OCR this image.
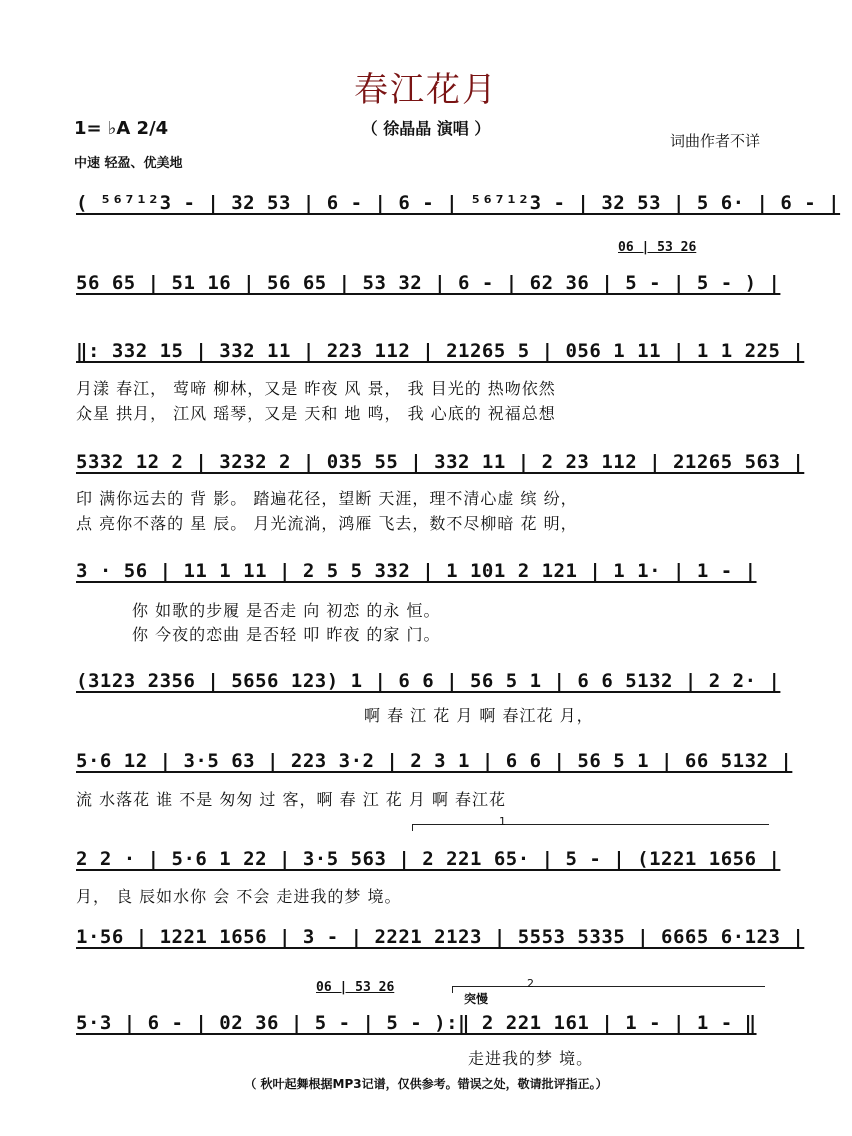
春江花月
（ 徐晶晶 演唱 ）
词曲作者不详
1= ♭A 2/4
中速 轻盈、优美地
( ⁵⁶⁷¹²3 - | 32 53 | 6 - | 6 - | ⁵⁶⁷¹²3 - | 32 53 | 5 6· | 6 - |
06 | 53 26
56 65 | 51 16 | 56 65 | 53 32 | 6 - | 62 36 | 5 - | 5 - ) |
‖: 332 15 | 332 11 | 223 112 | 21265 5 | 056 1 11 | 1 1 225 |
月漾 春江， 莺啼 柳林，又是 昨夜 风 景， 我 目光的 热吻依然
众星 拱月， 江风 瑶琴，又是 天和 地 鸣， 我 心底的 祝福总想
5332 12 2 | 3232 2 | 035 55 | 332 11 | 2 23 112 | 21265 563 |
印 满你远去的 背 影。 踏遍花径，望断 天涯，理不清心虚 缤 纷，
点 亮你不落的 星 辰。 月光流淌，鸿雁 飞去，数不尽柳暗 花 明，
3 · 56 | 11 1 11 | 2 5 5 332 | 1 101 2 121 | 1 1· | 1 - |
你 如歌的步履 是否走 向 初恋 的永 恒。
你 今夜的恋曲 是否轻 叩 昨夜 的家 门。
(3123 2356 | 5656 123) 1 | 6 6 | 56 5 1 | 6 6 5132 | 2 2· |
啊 春 江 花 月 啊 春江花 月，
5·6 12 | 3·5 63 | 223 3·2 | 2 3 1 | 6 6 | 56 5 1 | 66 5132 |
流 水落花 谁 不是 匆匆 过 客，啊 春 江 花 月 啊 春江花
1
2 2 · | 5·6 1 22 | 3·5 563 | 2 221 65· | 5 - | (1221 1656 |
月， 良 辰如水你 会 不会 走进我的梦 境。
1·56 | 1221 1656 | 3 - | 2221 2123 | 5553 5335 | 6665 6·123 |
06 | 53 26	2
突慢
5·3 | 6 - | 02 36 | 5 - | 5 - ):‖ 2 221 161 | 1 - | 1 - ‖
走进我的梦 境。
（ 秋叶起舞根据MP3记谱，仅供参考。错误之处，敬请批评指正。）
